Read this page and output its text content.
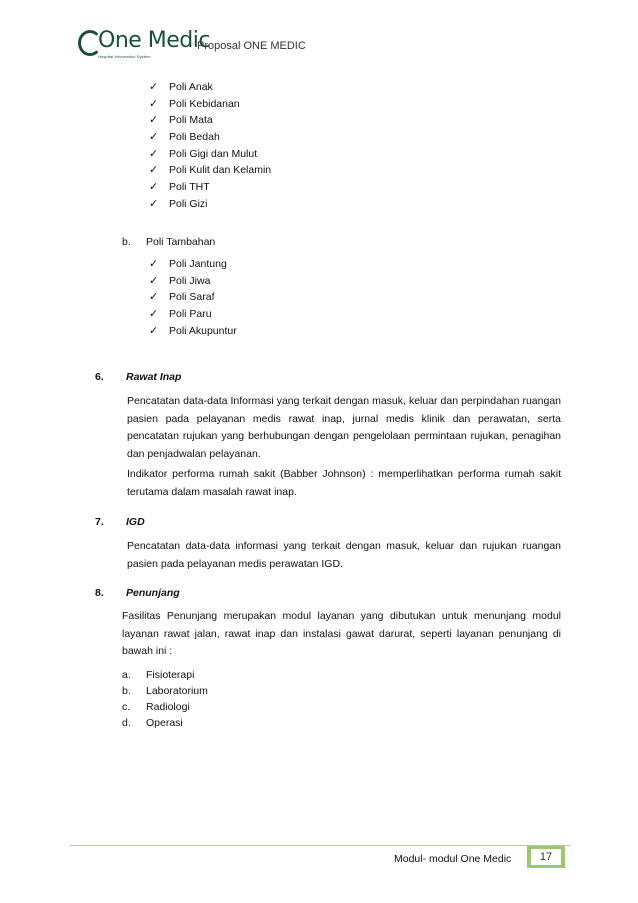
One Medic
Hospital Information System
Proposal ONE MEDIC
✓ Poli Anak
✓ Poli Kebidanan
✓ Poli Mata
✓ Poli Bedah
✓ Poli Gigi dan Mulut
✓ Poli Kulit dan Kelamin
✓ Poli THT
✓ Poli Gizi
b. Poli Tambahan
✓ Poli Jantung
✓ Poli Jiwa
✓ Poli Saraf
✓ Poli Paru
✓ Poli Akupuntur
6. Rawat Inap

Pencatatan data-data Informasi yang terkait dengan masuk, keluar dan perpindahan ruangan pasien pada pelayanan medis rawat inap, jurnal medis klinik dan perawatan, serta pencatatan rujukan yang berhubungan dengan pengelolaan permintaan rujukan, penagihan dan penjadwalan pelayanan.

Indikator performa rumah sakit (Babber Johnson) : memperlihatkan performa rumah sakit terutama dalam masalah rawat inap.

7. IGD

Pencatatan data-data informasi yang terkait dengan masuk, keluar dan rujukan ruangan pasien pada pelayanan medis perawatan IGD.

8. Penunjang

Fasilitas Penunjang merupakan modul layanan yang dibutukan untuk menunjang modul layanan rawat jalan, rawat inap dan instalasi gawat darurat, seperti layanan penunjang di bawah ini :

a. Fisioterapi
b. Laboratorium
c. Radiologi
d. Operasi
Modul- modul One Medic	17
